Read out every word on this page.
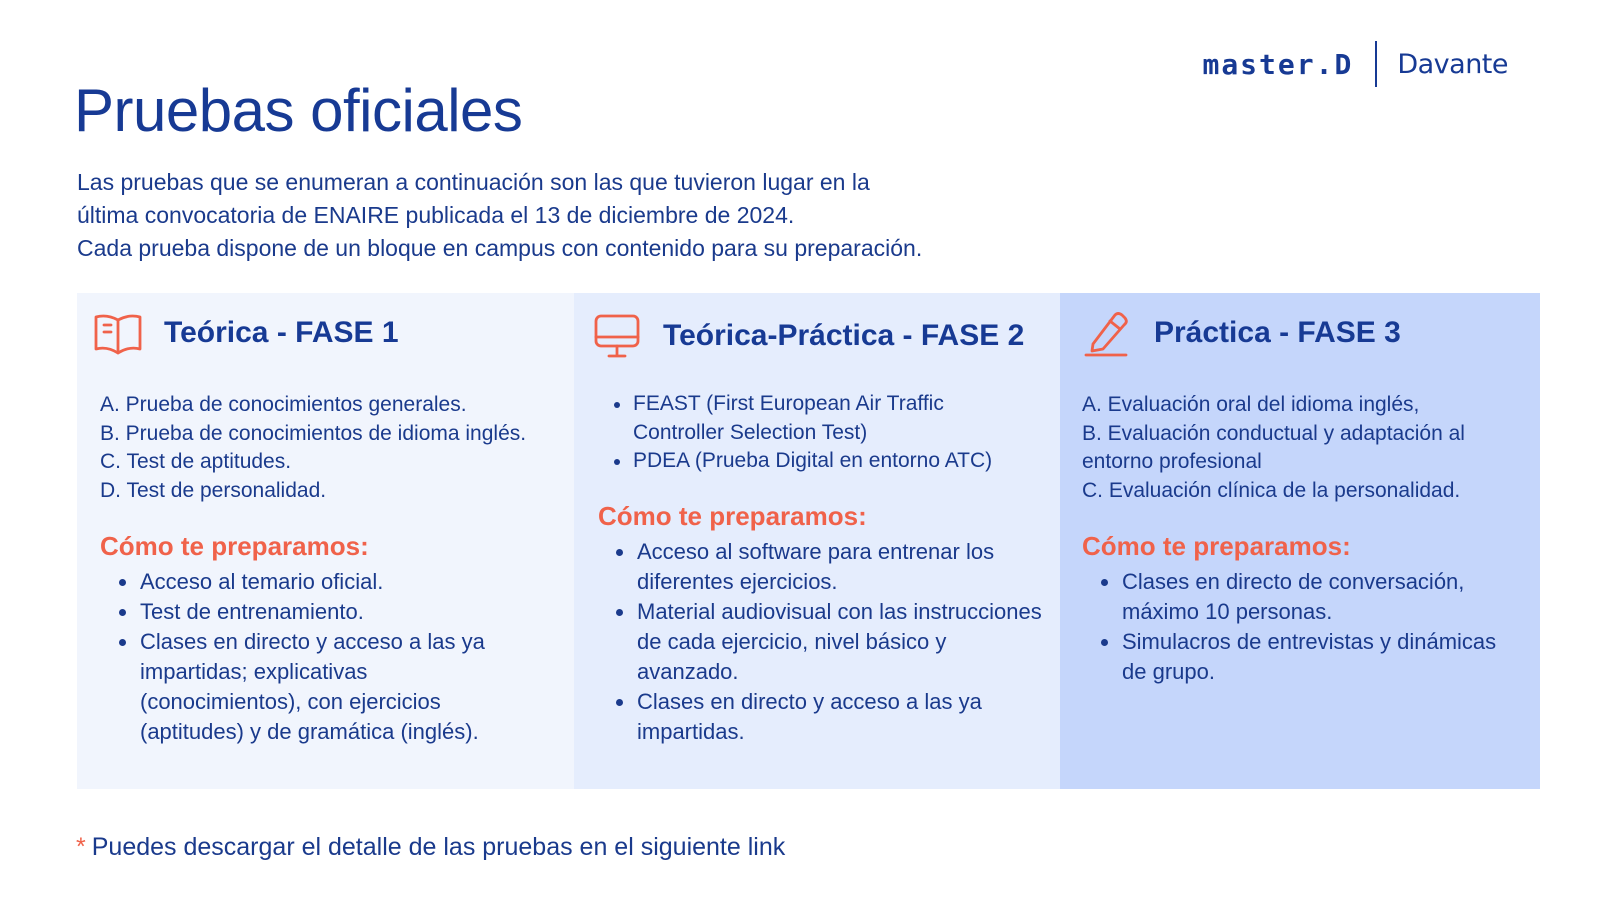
master.D Davante
Pruebas oficiales

Las pruebas que se enumeran a continuación son las que tuvieron lugar en la

última convocatoria de ENAIRE publicada el 13 de diciembre de 2024.

Cada prueba dispone de un bloque en campus con contenido para su preparación.

Teórica - FASE 1
A. Prueba de conocimientos generales.
B. Prueba de conocimientos de idioma inglés.
C. Test de aptitudes.
D. Test de personalidad.
Cómo te preparamos:
Acceso al temario oficial.
Test de entrenamiento.
Clases en directo y acceso a las ya impartidas; explicativas (conocimientos), con ejercicios (aptitudes) y de gramática (inglés).
Teórica-Práctica - FASE 2
FEAST (First European Air Traffic Controller Selection Test)
PDEA (Prueba Digital en entorno ATC)
Cómo te preparamos:
Acceso al software para entrenar los diferentes ejercicios.
Material audiovisual con las instrucciones de cada ejercicio, nivel básico y avanzado.
Clases en directo y acceso a las ya impartidas.
Práctica - FASE 3
A. Evaluación oral del idioma inglés,
B. Evaluación conductual y adaptación al entorno profesional
C. Evaluación clínica de la personalidad.
Cómo te preparamos:
Clases en directo de conversación, máximo 10 personas.
Simulacros de entrevistas y dinámicas de grupo.
* Puedes descargar el detalle de las pruebas en el siguiente link
